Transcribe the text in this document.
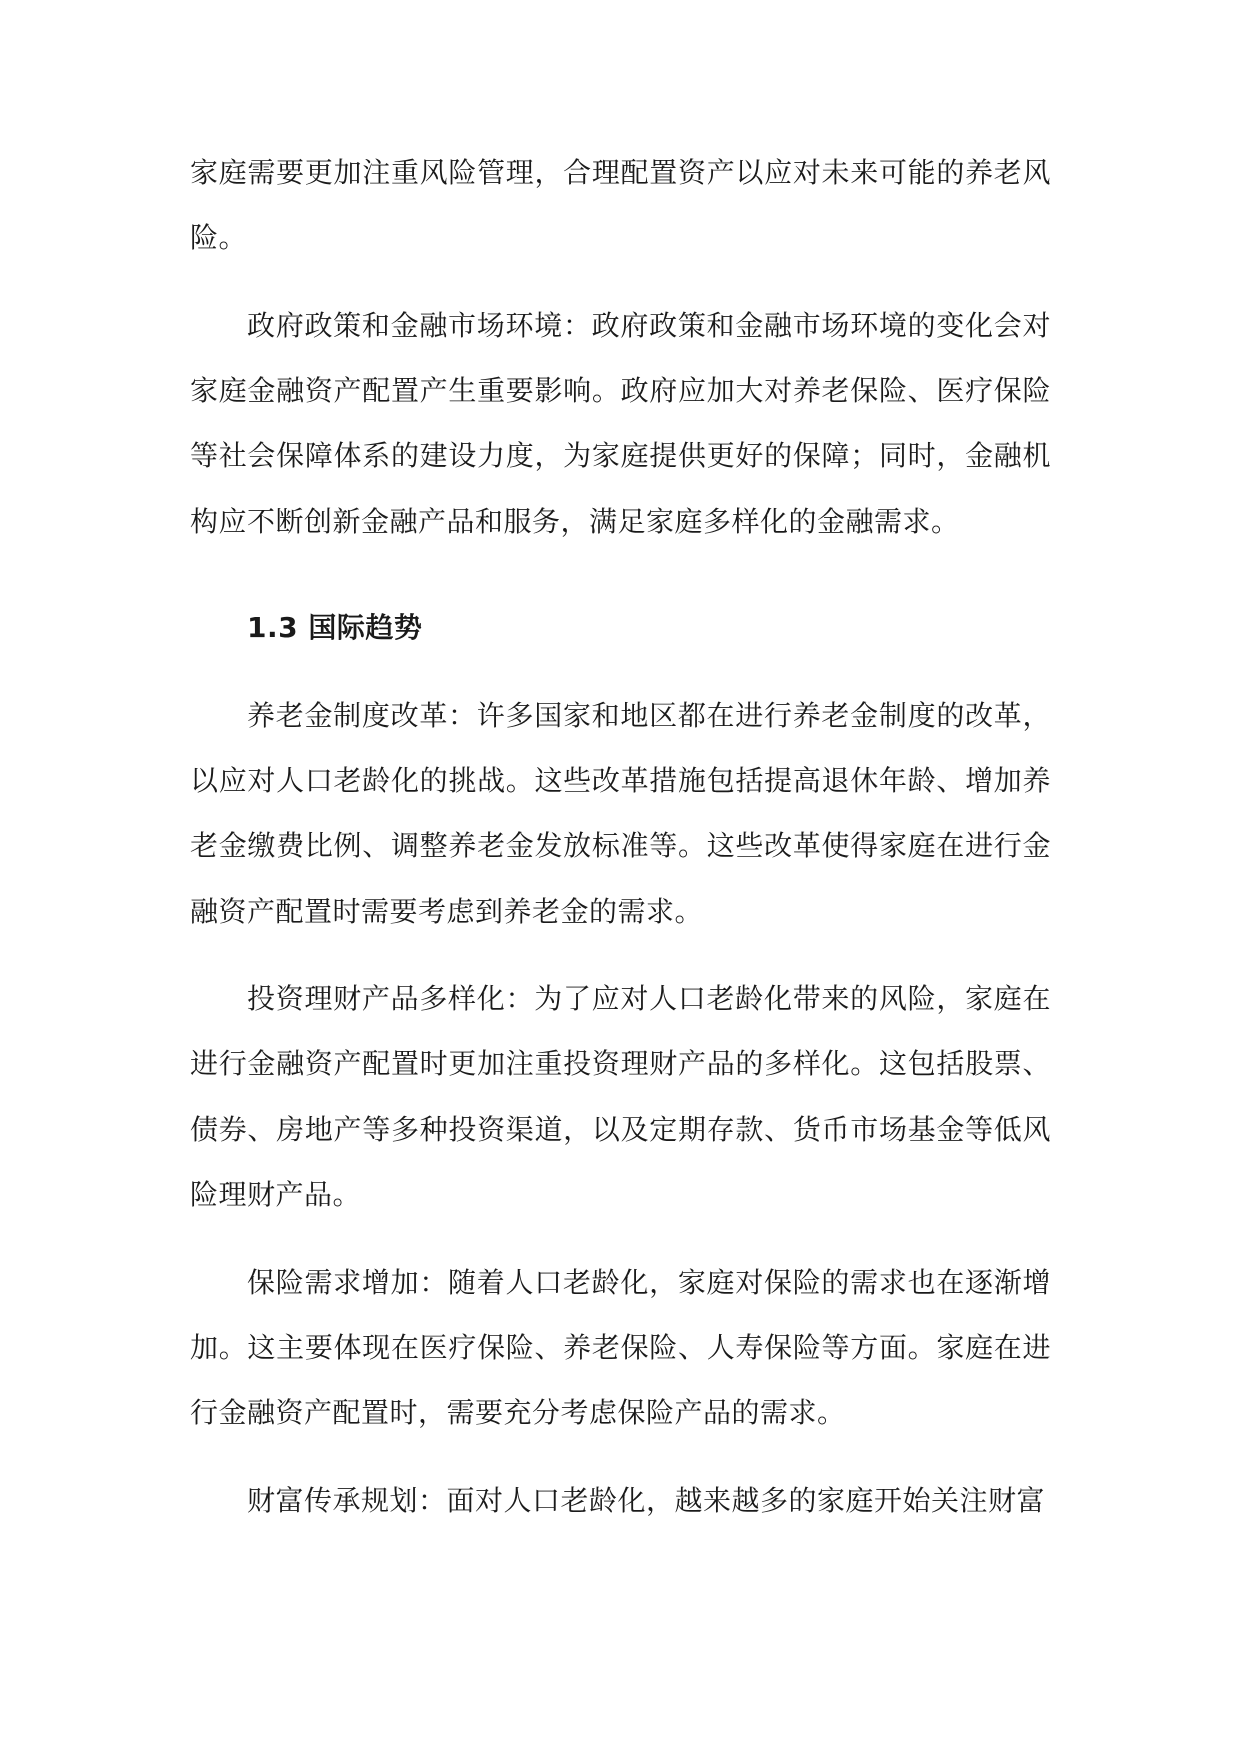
家庭需要更加注重风险管理，合理配置资产以应对未来可能的养老风险。

政府政策和金融市场环境：政府政策和金融市场环境的变化会对家庭金融资产配置产生重要影响。政府应加大对养老保险、医疗保险等社会保障体系的建设力度，为家庭提供更好的保障；同时，金融机构应不断创新金融产品和服务，满足家庭多样化的金融需求。

1.3 国际趋势

养老金制度改革：许多国家和地区都在进行养老金制度的改革，以应对人口老龄化的挑战。这些改革措施包括提高退休年龄、增加养老金缴费比例、调整养老金发放标准等。这些改革使得家庭在进行金融资产配置时需要考虑到养老金的需求。

投资理财产品多样化：为了应对人口老龄化带来的风险，家庭在进行金融资产配置时更加注重投资理财产品的多样化。这包括股票、债券、房地产等多种投资渠道，以及定期存款、货币市场基金等低风险理财产品。

保险需求增加：随着人口老龄化，家庭对保险的需求也在逐渐增加。这主要体现在医疗保险、养老保险、人寿保险等方面。家庭在进行金融资产配置时，需要充分考虑保险产品的需求。

财富传承规划：面对人口老龄化，越来越多的家庭开始关注财富
